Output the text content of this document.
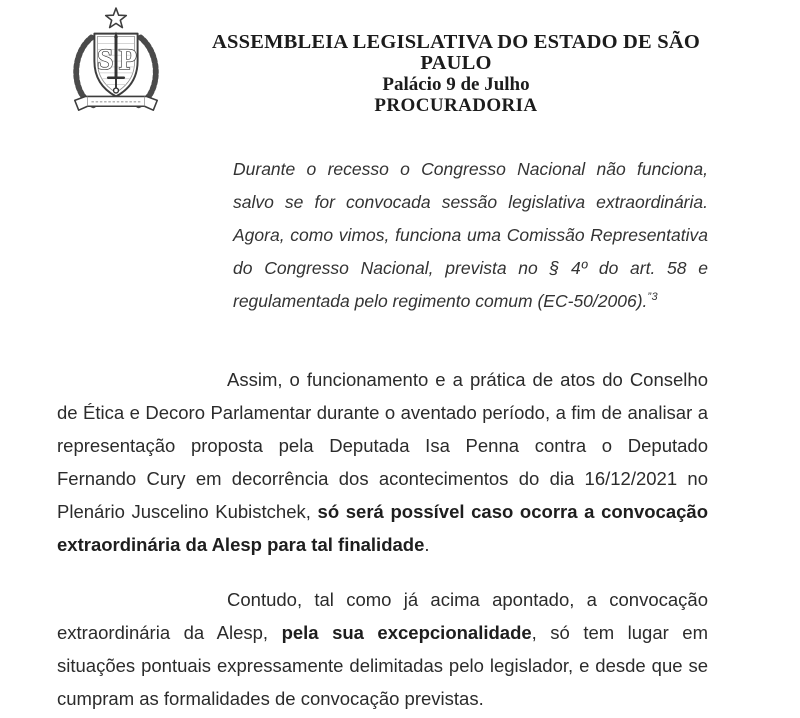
S P
ASSEMBLEIA LEGISLATIVA DO ESTADO DE SÃO PAULO
Palácio 9 de Julho
PROCURADORIA
Durante o recesso o Congresso Nacional não funciona, salvo se for convocada sessão legislativa extraordinária. Agora, como vimos, funciona uma Comissão Representativa do Congresso Nacional, prevista no § 4º do art. 58 e regulamentada pelo regimento comum (EC-50/2006).$^{”3}$

Assim, o funcionamento e a prática de atos do Conselho de Ética e Decoro Parlamentar durante o aventado período, a fim de analisar a representação proposta pela Deputada Isa Penna contra o Deputado Fernando Cury em decorrência dos acontecimentos do dia 16/12/2021 no Plenário Juscelino Kubistchek, só será possível caso ocorra a convocação extraordinária da Alesp para tal finalidade.

Contudo, tal como já acima apontado, a convocação extraordinária da Alesp, pela sua excepcionalidade, só tem lugar em situações pontuais expressamente delimitadas pelo legislador, e desde que se cumpram as formalidades de convocação previstas.
